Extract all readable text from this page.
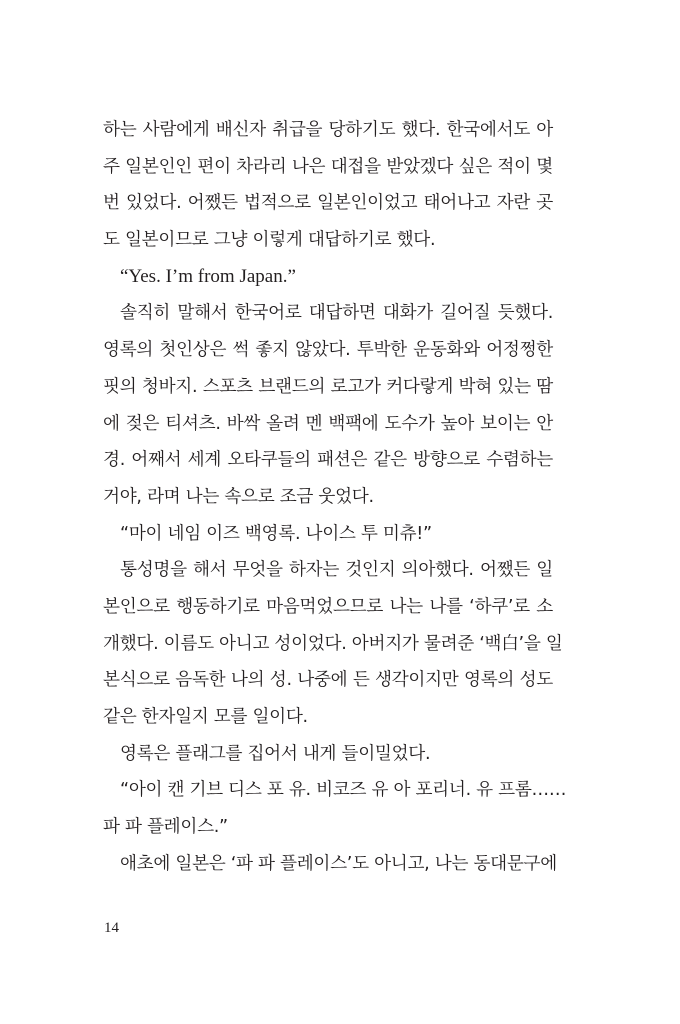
하는 사람에게 배신자 취급을 당하기도 했다. 한국에서도 아
주 일본인인 편이 차라리 나은 대접을 받았겠다 싶은 적이 몇
번 있었다. 어쨌든 법적으로 일본인이었고 태어나고 자란 곳
도 일본이므로 그냥 이렇게 대답하기로 했다.
“Yes. I’m from Japan.”
솔직히 말해서 한국어로 대답하면 대화가 길어질 듯했다.
영록의 첫인상은 썩 좋지 않았다. 투박한 운동화와 어정쩡한
핏의 청바지. 스포츠 브랜드의 로고가 커다랗게 박혀 있는 땀
에 젖은 티셔츠. 바싹 올려 멘 백팩에 도수가 높아 보이는 안
경. 어째서 세계 오타쿠들의 패션은 같은 방향으로 수렴하는
거야, 라며 나는 속으로 조금 웃었다.
“마이 네임 이즈 백영록. 나이스 투 미츄!”
통성명을 해서 무엇을 하자는 것인지 의아했다. 어쨌든 일
본인으로 행동하기로 마음먹었으므로 나는 나를 ‘하쿠’로 소
개했다. 이름도 아니고 성이었다. 아버지가 물려준 ‘백白’을 일
본식으로 음독한 나의 성. 나중에 든 생각이지만 영록의 성도
같은 한자일지 모를 일이다.
영록은 플래그를 집어서 내게 들이밀었다.
“아이 캔 기브 디스 포 유. 비코즈 유 아 포리너. 유 프롬……
파 파 플레이스.”
애초에 일본은 ‘파 파 플레이스’도 아니고, 나는 동대문구에
14
